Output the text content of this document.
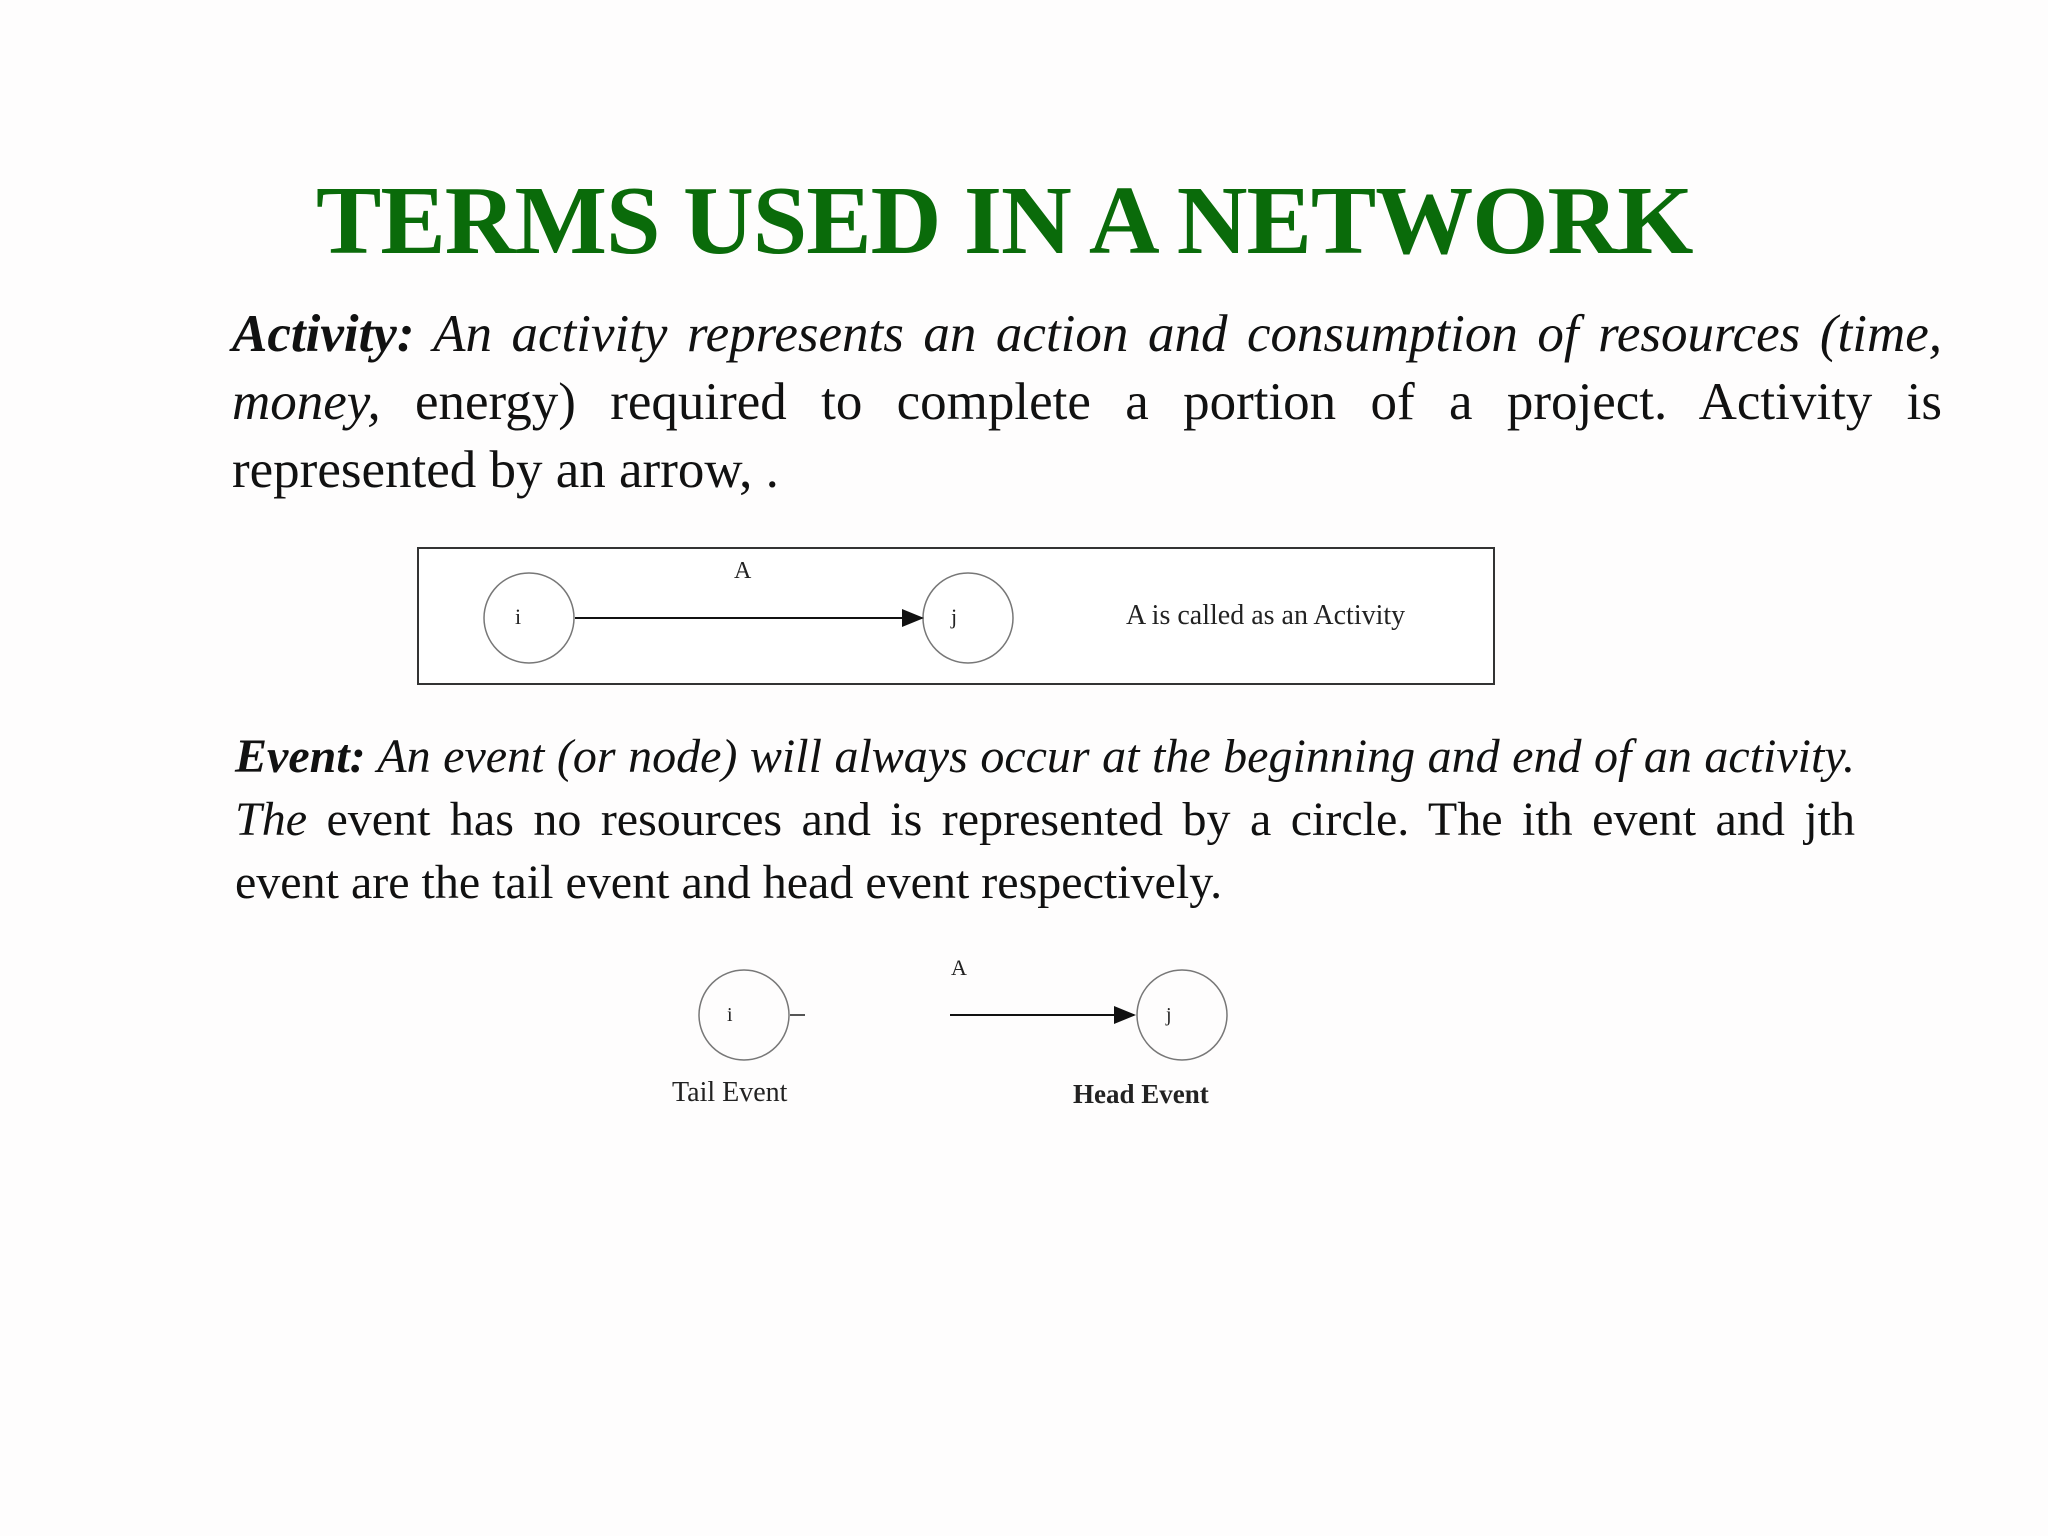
TERMS USED IN A NETWORK

Activity: An activity represents an action and consumption of resources (time, money, energy) required to complete a portion of a project. Activity is represented by an arrow, .

Event: An event (or node) will always occur at the beginning and end of an activity. The event has no resources and is represented by a circle. The ith event and jth event are the tail event and head event respectively.

i	j
A
A is called as an Activity
i
A
j
Tail Event	Head Event
